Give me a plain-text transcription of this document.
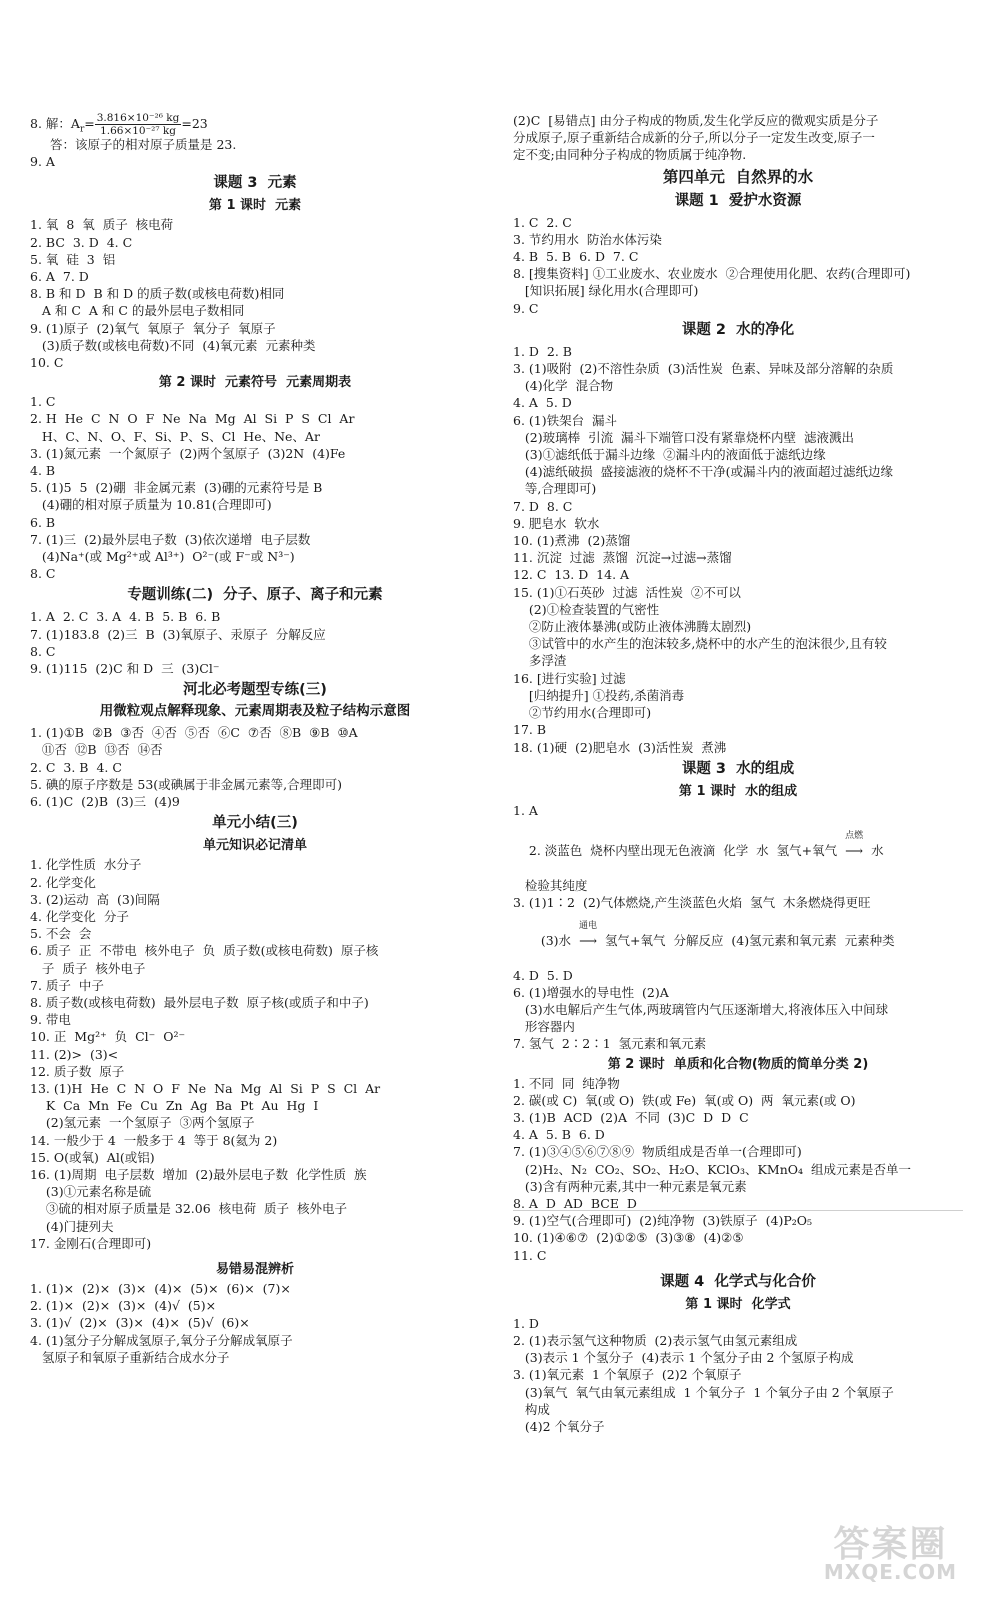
8. 解：$A_r= \frac{\text{3.816×10⁻²⁶ kg}}{\text{1.66×10⁻²⁷ kg}} =23$
答：该原子的相对原子质量是 23.
9. A
课题 3  元素
第 1 课时  元素
1. 氧  8  氧  质子  核电荷
2. BC  3. D  4. C
5. 氧  硅  3  铝
6. A  7. D
8. B 和 D  B 和 D 的质子数(或核电荷数)相同
A 和 C  A 和 C 的最外层电子数相同
9. (1)原子  (2)氧气  氧原子  氧分子  氧原子
(3)质子数(或核电荷数)不同  (4)氧元素  元素种类
10. C
第 2 课时  元素符号  元素周期表
1. C
2. H  He  C  N  O  F  Ne  Na  Mg  Al  Si  P  S  Cl  Ar
H、C、N、O、F、Si、P、S、Cl  He、Ne、Ar
3. (1)氮元素  一个氮原子  (2)两个氢原子  (3)2N  (4)Fe
4. B
5. (1)5  5  (2)硼  非金属元素  (3)硼的元素符号是 B
(4)硼的相对原子质量为 10.81(合理即可)
6. B
7. (1)三  (2)最外层电子数  (3)依次递增  电子层数
(4)Na⁺(或 Mg²⁺或 Al³⁺)  O²⁻(或 F⁻或 N³⁻)
8. C
专题训练(二)  分子、原子、离子和元素
1. A  2. C  3. A  4. B  5. B  6. B
7. (1)183.8  (2)三  B  (3)氧原子、汞原子  分解反应
8. C
9. (1)115  (2)C 和 D  三  (3)Cl⁻
河北必考题型专练(三)
用微粒观点解释现象、元素周期表及粒子结构示意图
1. (1)①B  ②B  ③否  ④否  ⑤否  ⑥C  ⑦否  ⑧B  ⑨B  ⑩A
⑪否  ⑫B  ⑬否  ⑭否
2. C  3. B  4. C
5. 碘的原子序数是 53(或碘属于非金属元素等,合理即可)
6. (1)C  (2)B  (3)三  (4)9
单元小结(三)
单元知识必记清单
1. 化学性质  水分子
2. 化学变化
3. (2)运动  高  (3)间隔
4. 化学变化  分子
5. 不会  会
6. 质子  正  不带电  核外电子  负  质子数(或核电荷数)  原子核
子  质子  核外电子
7. 质子  中子
8. 质子数(或核电荷数)  最外层电子数  原子核(或质子和中子)
9. 带电
10. 正  Mg²⁺  负  Cl⁻  O²⁻
11. (2)>  (3)<
12. 质子数  原子
13. (1)H  He  C  N  O  F  Ne  Na  Mg  Al  Si  P  S  Cl  Ar
K  Ca  Mn  Fe  Cu  Zn  Ag  Ba  Pt  Au  Hg  I
(2)氢元素  一个氢原子  ③两个氢原子
14. 一般少于 4  一般多于 4  等于 8(氦为 2)
15. O(或氧)  Al(或铝)
16. (1)周期  电子层数  增加  (2)最外层电子数  化学性质  族
(3)①元素名称是硫
③硫的相对原子质量是 32.06  核电荷  质子  核外电子
(4)门捷列夫
17. 金刚石(合理即可)
易错易混辨析
1. (1)×  (2)×  (3)×  (4)×  (5)×  (6)×  (7)×
2. (1)×  (2)×  (3)×  (4)√  (5)×
3. (1)√  (2)×  (3)×  (4)×  (5)√  (6)×
4. (1)氢分子分解成氢原子,氧分子分解成氧原子
氢原子和氧原子重新结合成水分子
(2)C  [易错点] 由分子构成的物质,发生化学反应的微观实质是分子
分成原子,原子重新结合成新的分子,所以分子一定发生改变,原子一
定不变;由同种分子构成的物质属于纯净物.
第四单元  自然界的水
课题 1  爱护水资源
1. C  2. C
3. 节约用水  防治水体污染
4. B  5. B  6. D  7. C
8. [搜集资料] ①工业废水、农业废水  ②合理使用化肥、农药(合理即可)
[知识拓展] 绿化用水(合理即可)
9. C
课题 2  水的净化
1. D  2. B
3. (1)吸附  (2)不溶性杂质  (3)活性炭  色素、异味及部分溶解的杂质
(4)化学  混合物
4. A  5. D
6. (1)铁架台  漏斗
(2)玻璃棒  引流  漏斗下端管口没有紧靠烧杯内壁  滤液溅出
(3)①滤纸低于漏斗边缘  ②漏斗内的液面低于滤纸边缘
(4)滤纸破损  盛接滤液的烧杯不干净(或漏斗内的液面超过滤纸边缘
等,合理即可)
7. D  8. C
9. 肥皂水  软水
10. (1)煮沸  (2)蒸馏
11. 沉淀  过滤  蒸馏  沉淀→过滤→蒸馏
12. C  13. D  14. A
15. (1)①石英砂  过滤  活性炭  ②不可以
(2)①检查装置的气密性
②防止液体暴沸(或防止液体沸腾太剧烈)
③试管中的水产生的泡沫较多,烧杯中的水产生的泡沫很少,且有较
多浮渣
16. [进行实验] 过滤
[归纳提升] ①投药,杀菌消毒
②节约用水(合理即可)
17. B
18. (1)硬  (2)肥皂水  (3)活性炭  煮沸
课题 3  水的组成
第 1 课时  水的组成
1. A

2. 淡蓝色  烧杯内壁出现无色液滴  化学  水  氢气+氧气
点燃
⟶ 水

检验其纯度
3. (1)1∶2  (2)气体燃烧,产生淡蓝色火焰  氢气  木条燃烧得更旺

(3)水
通电
⟶ 氢气+氧气  分解反应  (4)氢元素和氧元素  元素种类

4. D  5. D
6. (1)增强水的导电性  (2)A
(3)水电解后产生气体,两玻璃管内气压逐渐增大,将液体压入中间球
形容器内
7. 氢气  2∶2∶1  氢元素和氧元素
第 2 课时  单质和化合物(物质的简单分类 2)
1. 不同  同  纯净物
2. 碳(或 C)  氧(或 O)  铁(或 Fe)  氧(或 O)  两  氧元素(或 O)
3. (1)B  ACD  (2)A  不同  (3)C  D  D  C
4. A  5. B  6. D
7. (1)③④⑤⑥⑦⑧⑨  物质组成是否单一(合理即可)
(2)H₂、N₂  CO₂、SO₂、H₂O、KClO₃、KMnO₄  组成元素是否单一
(3)含有两种元素,其中一种元素是氧元素
8. A  D  AD  BCE  D
9. (1)空气(合理即可)  (2)纯净物  (3)铁原子  (4)P₂O₅
10. (1)④⑥⑦  (2)①②⑤  (3)③⑧  (4)②⑤
11. C
课题 4  化学式与化合价
第 1 课时  化学式
1. D
2. (1)表示氢气这种物质  (2)表示氢气由氢元素组成
(3)表示 1 个氢分子  (4)表示 1 个氢分子由 2 个氢原子构成
3. (1)氧元素  1 个氧原子  (2)2 个氧原子
(3)氧气  氧气由氧元素组成  1 个氧分子  1 个氧分子由 2 个氧原子
构成
(4)2 个氧分子
答案圈
MXQE.COM
